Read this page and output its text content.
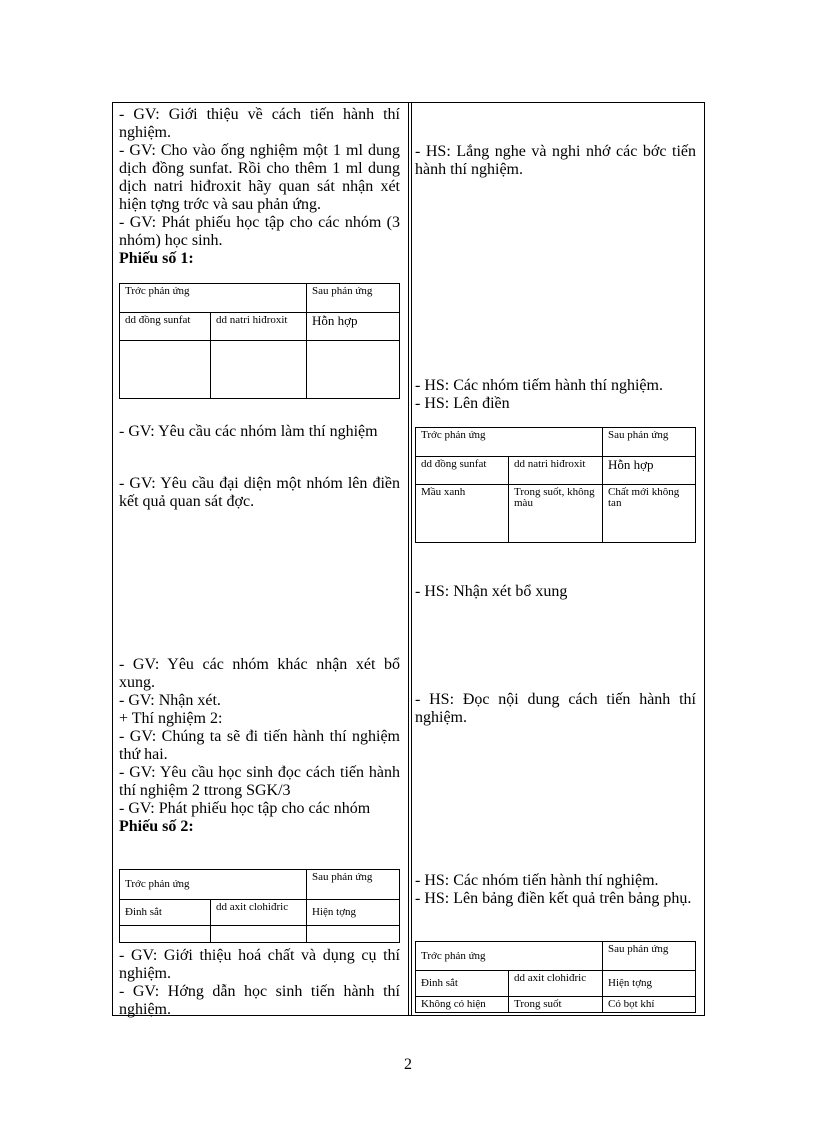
- GV: Giới thiệu về cách tiến hành thí nghiệm.

- GV: Cho vào ống nghiệm một 1 ml dung dịch đồng sunfat. Rồi cho thêm 1 ml dung dịch natri hiđroxit hãy quan sát nhận xét hiện tợng trớc và sau phản ứng.

- GV: Phát phiếu học tập cho các nhóm (3 nhóm) học sinh.

Phiếu số 1:
Trớc phản ứng		Sau phản ứng
dd đồng sunfat	dd natri hiđroxit	Hỗn hợp

- GV: Yêu cầu các nhóm làm thí nghiệm

- GV: Yêu cầu đại diện một nhóm lên điền kết quả quan sát đợc.

- GV: Yêu các nhóm khác nhận xét bổ xung.

- GV: Nhận xét.

+ Thí nghiệm 2:

- GV: Chúng ta sẽ đi tiến hành thí nghiệm thứ hai.

- GV: Yêu cầu học sinh đọc cách tiến hành thí nghiệm 2 ttrong SGK/3

- GV: Phát phiếu học tập cho các nhóm

Phiếu số 2:
Trớc phản ứng		Sau phản ứng
Đinh sắt	dd axit clohiđric	Hiện tợng

- GV: Giới thiệu hoá chất và dụng cụ thí nghiệm.

- GV: Hớng dẫn học sinh tiến hành thí nghiệm.

- HS: Lắng nghe và nghi nhớ các bớc tiến hành thí nghiệm.

- HS: Các nhóm tiếm hành thí nghiệm.

- HS: Lên điền

Trớc phản ứng		Sau phản ứng
dd đồng sunfat	dd natri hiđroxit	Hỗn hợp
Mầu xanh	Trong suốt, không màu	Chất mới không tan

- HS: Nhận xét bổ xung

- HS: Đọc nội dung cách tiến hành thí nghiệm.

- HS: Các nhóm tiến hành thí nghiệm.

- HS: Lên bảng điền kết quả trên bảng phụ.

Trớc phản ứng		Sau phản ứng
Đinh sắt	dd axit clohiđric	Hiện tợng
Không có hiện	Trong suốt	Có bọt khí
2
